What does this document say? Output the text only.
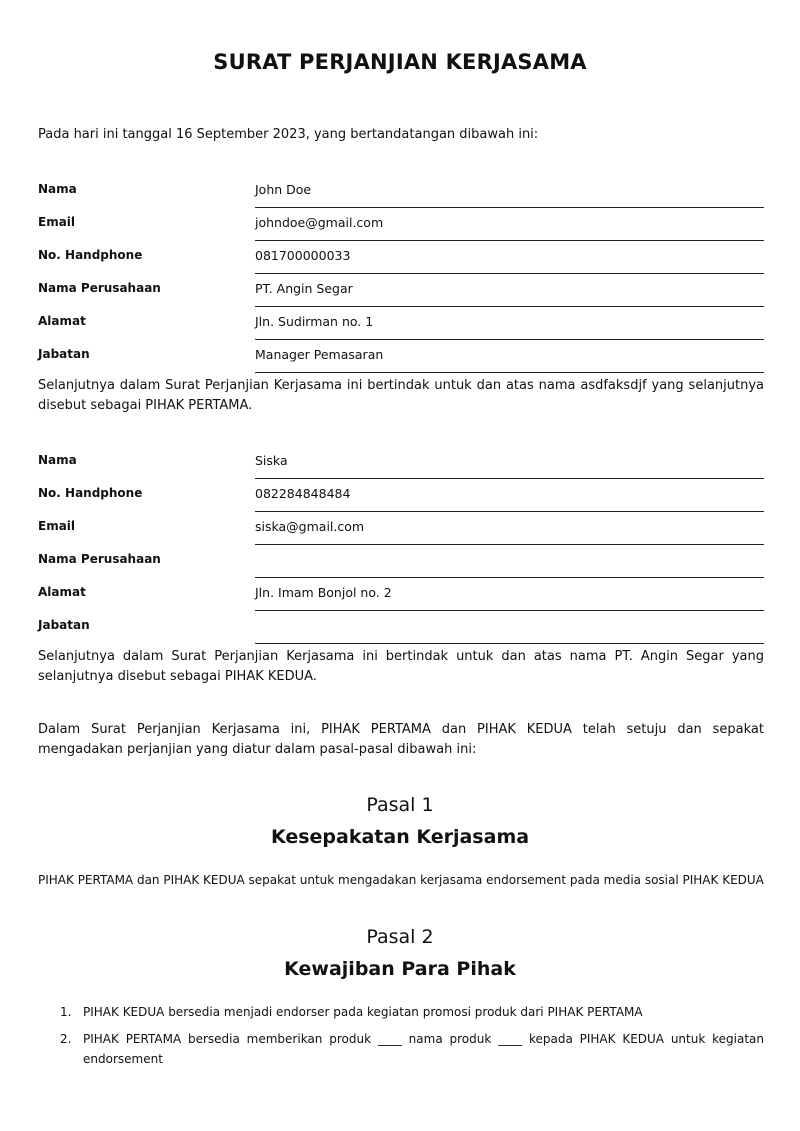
SURAT PERJANJIAN KERJASAMA
Pada hari ini tanggal 16 September 2023, yang bertandatangan dibawah ini:
Nama	John Doe
Email	johndoe@gmail.com
No. Handphone	081700000033
Nama Perusahaan	PT. Angin Segar
Alamat	Jln. Sudirman no. 1
Jabatan	Manager Pemasaran
Selanjutnya dalam Surat Perjanjian Kerjasama ini bertindak untuk dan atas nama asdfaksdjf yang selanjutnya disebut sebagai PIHAK PERTAMA.
Nama	Siska
No. Handphone	082284848484
Email	siska@gmail.com
Nama Perusahaan
Alamat	Jln. Imam Bonjol no. 2
Jabatan
Selanjutnya dalam Surat Perjanjian Kerjasama ini bertindak untuk dan atas nama PT. Angin Segar yang selanjutnya disebut sebagai PIHAK KEDUA.
Dalam Surat Perjanjian Kerjasama ini, PIHAK PERTAMA dan PIHAK KEDUA telah setuju dan sepakat mengadakan perjanjian yang diatur dalam pasal-pasal dibawah ini:
Pasal 1
Kesepakatan Kerjasama
PIHAK PERTAMA dan PIHAK KEDUA sepakat untuk mengadakan kerjasama endorsement pada media sosial PIHAK KEDUA
Pasal 2
Kewajiban Para Pihak
1. PIHAK KEDUA bersedia menjadi endorser pada kegiatan promosi produk dari PIHAK PERTAMA
2. PIHAK PERTAMA bersedia memberikan produk ____ nama produk ____ kepada PIHAK KEDUA untuk kegiatan endorsement
